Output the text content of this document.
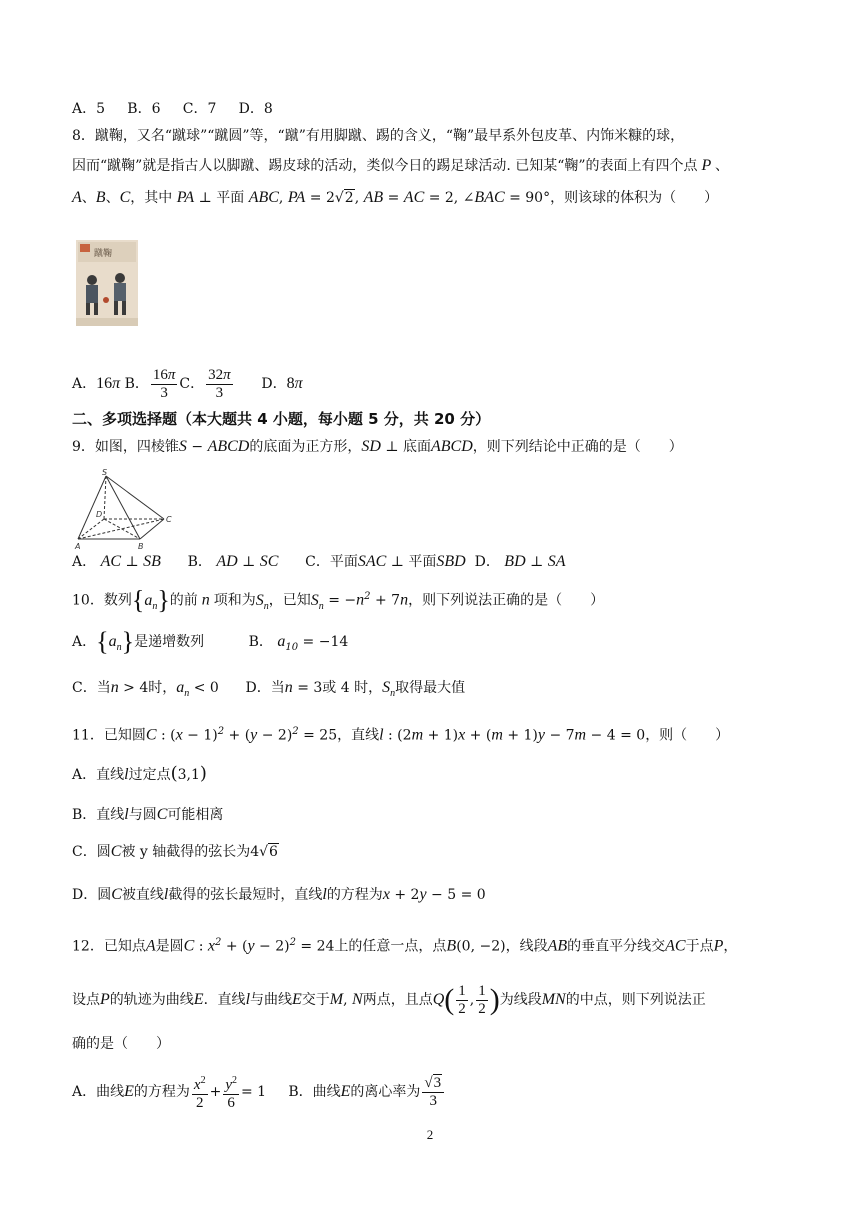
A．5 B．6 C．7 D．8
8．蹴鞠，又名“蹴球”“蹴圆”等，“蹴”有用脚蹴、踢的含义，“鞠”最早系外包皮革、内饰米糠的球，
因而“蹴鞠”就是指古人以脚蹴、踢皮球的活动，类似今日的踢足球活动. 已知某“鞠”的表面上有四个点 P 、
A、B、C，其中 PA ⊥ 平面 ABC, PA = 2√2, AB = AC = 2, ∠BAC = 90°，则该球的体积为（　　）
蹴鞠
A．16π B． $\frac{16\pi}{3}$ C． $\frac{32\pi}{3}$ D．8π
二、多项选择题（本大题共 4 小题，每小题 5 分，共 20 分）
9．如图，四棱锥S − ABCD的底面为正方形，SD ⊥ 底面ABCD，则下列结论中正确的是（　　）
S
D
C
A	B
A． AC ⊥ SB B． AD ⊥ SC C．平面SAC ⊥ 平面SBD D． BD ⊥ SA
10．数列$\{a_n\}$的前 n 项和为$S_n$，已知$S_n = -n^2 + 7n$，则下列说法正确的是（　　）
A．$\{a_n\}$是递增数列	B． $a_{10} = -14$
C．当n > 4时，$a_n < 0$      D．当n = 3或 4 时，$S_n$取得最大值
11．已知圆C : $(x - 1)^2 + (y - 2)^2 = 25$，直线l : (2m + 1)x + (m + 1)y − 7m − 4 = 0，则（　　）
A．直线l过定点(3,1)
B．直线l与圆C可能相离
C．圆C被 y 轴截得的弦长为4√6
D．圆C被直线l截得的弦长最短时，直线l的方程为x + 2y − 5 = 0
12．已知点A是圆C : $x^2 + (y - 2)^2 = 24$上的任意一点，点B(0, −2)，线段AB的垂直平分线交AC于点P，
设点P的轨迹为曲线E．直线l与曲线E交于M, N两点，且点$Q( \frac{1}{2}$ , $\frac{1}{2}$ )为线段MN的中点，则下列说法正
确的是（　　）
A．曲线E的方程为 $\frac{x^2}{2} + \frac{y^2}{6} = 1$     B．曲线E的离心率为 $\frac{√3}{3}$
2
